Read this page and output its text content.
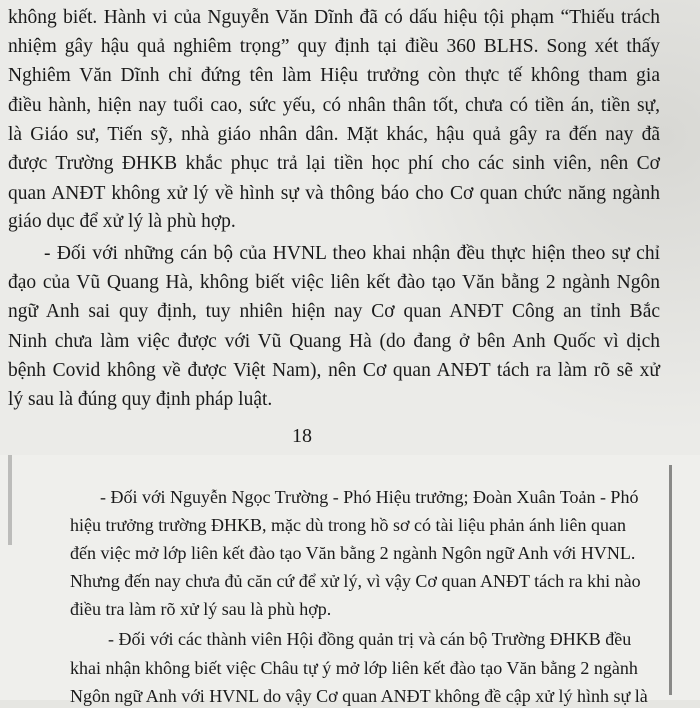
không biết. Hành vi của Nguyễn Văn Dĩnh đã có dấu hiệu tội phạm “Thiếu trách
nhiệm gây hậu quả nghiêm trọng” quy định tại điều 360 BLHS. Song xét thấy
Nghiêm Văn Dĩnh chỉ đứng tên làm Hiệu trưởng còn thực tế không tham gia
điều hành, hiện nay tuổi cao, sức yếu, có nhân thân tốt, chưa có tiền án, tiền sự,
là Giáo sư, Tiến sỹ, nhà giáo nhân dân. Mặt khác, hậu quả gây ra đến nay đã
được Trường ĐHKB khắc phục trả lại tiền học phí cho các sinh viên, nên Cơ
quan ANĐT không xử lý về hình sự và thông báo cho Cơ quan chức năng ngành
giáo dục để xử lý là phù hợp.
- Đối với những cán bộ của HVNL theo khai nhận đều thực hiện theo sự chỉ
đạo của Vũ Quang Hà, không biết việc liên kết đào tạo Văn bằng 2 ngành Ngôn
ngữ Anh sai quy định, tuy nhiên hiện nay Cơ quan ANĐT Công an tỉnh Bắc
Ninh chưa làm việc được với Vũ Quang Hà (do đang ở bên Anh Quốc vì dịch
bệnh Covid không về được Việt Nam), nên Cơ quan ANĐT tách ra làm rõ sẽ xử
lý sau là đúng quy định pháp luật.
18
- Đối với Nguyễn Ngọc Trường - Phó Hiệu trưởng; Đoàn Xuân Toản - Phó
hiệu trưởng trường ĐHKB, mặc dù trong hồ sơ có tài liệu phản ánh liên quan
đến việc mở lớp liên kết đào tạo Văn bằng 2 ngành Ngôn ngữ Anh với HVNL.
Nhưng đến nay chưa đủ căn cứ để xử lý, vì vậy Cơ quan ANĐT tách ra khi nào
điều tra làm rõ xử lý sau là phù hợp.
- Đối với các thành viên Hội đồng quản trị và cán bộ Trường ĐHKB đều
khai nhận không biết việc Châu tự ý mở lớp liên kết đào tạo Văn bằng 2 ngành
Ngôn ngữ Anh với HVNL do vậy Cơ quan ANĐT không đề cập xử lý hình sự là
